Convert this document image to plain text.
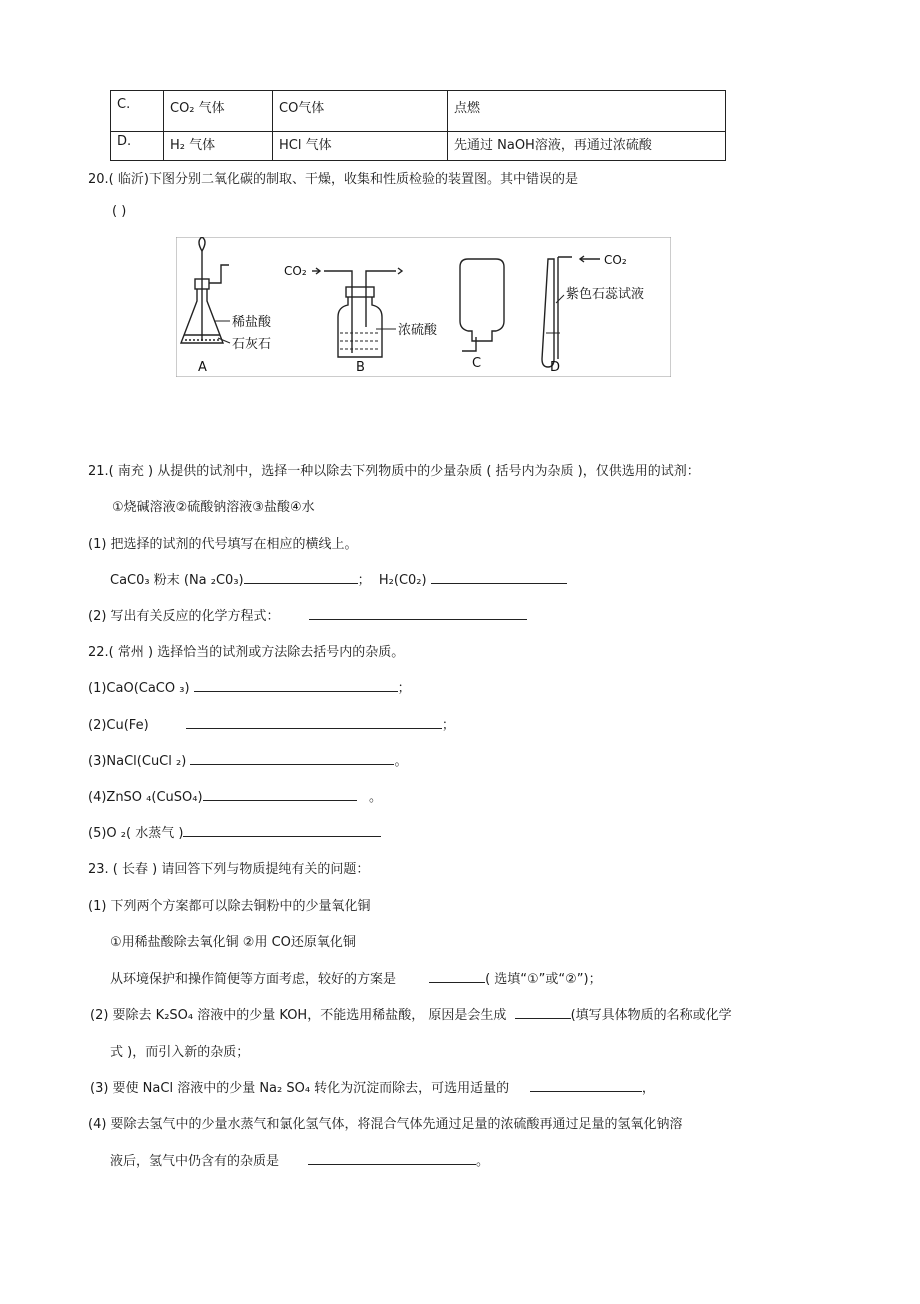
C.	CO₂ 气体	CO气体	点燃
D.	H₂ 气体	HCl 气体	先通过 NaOH溶液，再通过浓硫酸
20.( 临沂)下图分别二氧化碳的制取、干燥，收集和性质检验的装置图。其中错误的是
( )
稀盐酸
石灰石
A
CO₂
浓硫酸
B	C
CO₂
紫色石蕊试液
D
21.( 南充 ) 从提供的试剂中，选择一种以除去下列物质中的少量杂质 ( 括号内为杂质 )，仅供选用的试剂：
①烧碱溶液②硫酸钠溶液③盐酸④水
(1) 把选择的试剂的代号填写在相应的横线上。
CaC0₃ 粉末 (Na ₂C0₃)	； H₂(C0₂)
(2) 写出有关反应的化学方程式：
22.( 常州 ) 选择恰当的试剂或方法除去括号内的杂质。
(1)CaO(CaCO ₃)	；
(2)Cu(Fe)	；
(3)NaCl(CuCl ₂)	。
(4)ZnSO ₄(CuSO₄)	。
(5)O ₂( 水蒸气 )
23. ( 长春 ) 请回答下列与物质提纯有关的问题：
(1) 下列两个方案都可以除去铜粉中的少量氧化铜
①用稀盐酸除去氧化铜 ②用 CO还原氧化铜
从环境保护和操作简便等方面考虑，较好的方案是	( 选填“①”或“②”)；
(2) 要除去 K₂SO₄ 溶液中的少量 KOH，不能选用稀盐酸， 原因是会生成	(填写具体物质的名称或化学
式 )，而引入新的杂质；
(3) 要使 NaCl 溶液中的少量 Na₂ SO₄ 转化为沉淀而除去，可选用适量的	，
(4) 要除去氢气中的少量水蒸气和氯化氢气体，将混合气体先通过足量的浓硫酸再通过足量的氢氧化钠溶
液后，氢气中仍含有的杂质是	。
